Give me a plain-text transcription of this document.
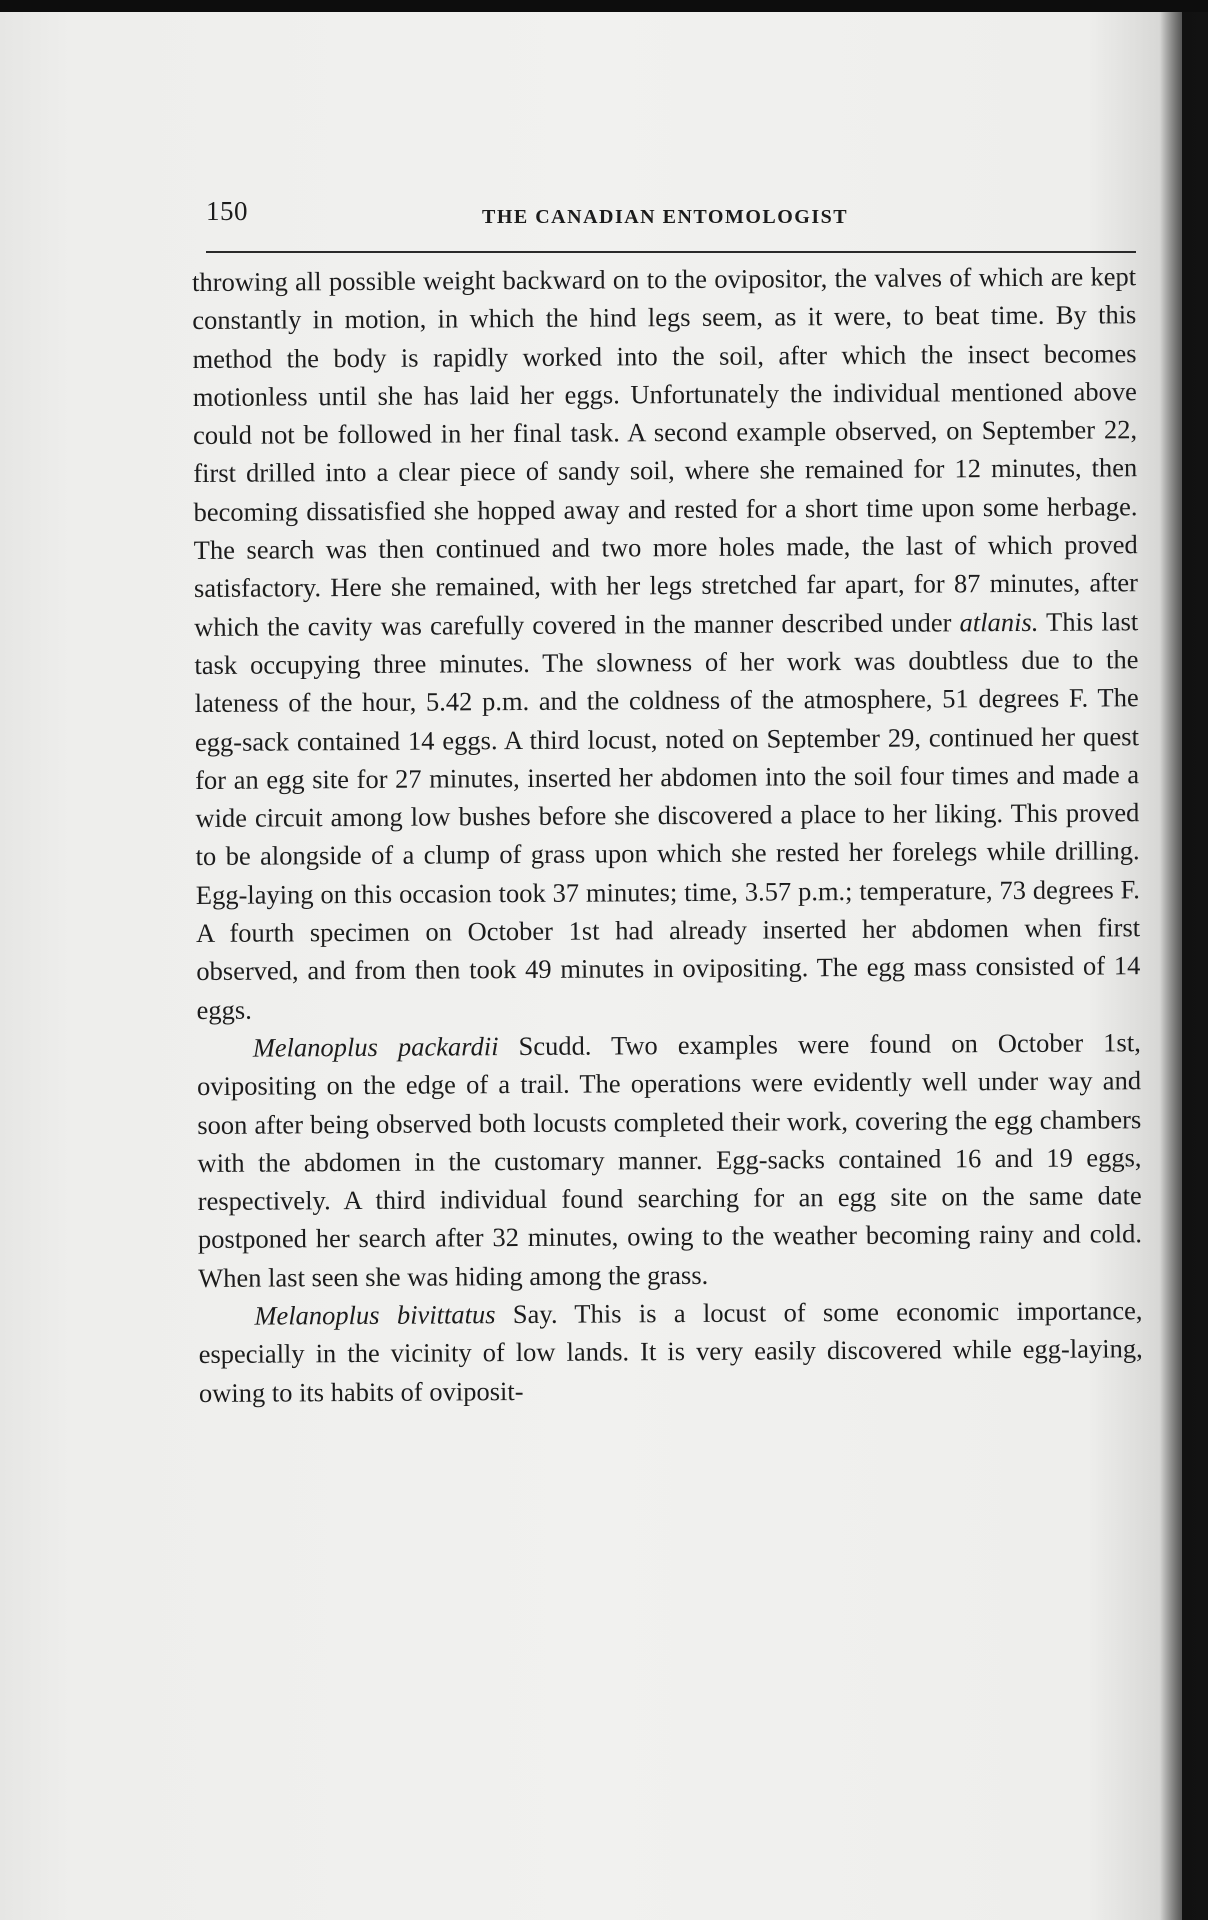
150	THE CANADIAN ENTOMOLOGIST

throwing all possible weight backward on to the ovipositor, the valves of which are kept constantly in motion, in which the hind legs seem, as it were, to beat time. By this method the body is rapidly worked into the soil, after which the insect becomes motionless until she has laid her eggs. Unfortunately the individual mentioned above could not be followed in her final task. A second example observed, on September 22, first drilled into a clear piece of sandy soil, where she remained for 12 minutes, then becoming dissatisfied she hopped away and rested for a short time upon some herbage. The search was then continued and two more holes made, the last of which proved satisfactory. Here she remained, with her legs stretched far apart, for 87 minutes, after which the cavity was carefully covered in the manner described under atlanis. This last task occupying three minutes. The slowness of her work was doubtless due to the lateness of the hour, 5.42 p.m. and the coldness of the atmosphere, 51 degrees F. The egg-sack contained 14 eggs. A third locust, noted on September 29, continued her quest for an egg site for 27 minutes, inserted her abdomen into the soil four times and made a wide circuit among low bushes before she discovered a place to her liking. This proved to be alongside of a clump of grass upon which she rested her forelegs while drilling. Egg-laying on this occasion took 37 minutes; time, 3.57 p.m.; temperature, 73 degrees F. A fourth specimen on October 1st had already inserted her abdomen when first observed, and from then took 49 minutes in ovipositing. The egg mass consisted of 14 eggs.

Melanoplus packardii Scudd. Two examples were found on October 1st, ovipositing on the edge of a trail. The operations were evidently well under way and soon after being observed both locusts completed their work, covering the egg chambers with the abdomen in the customary manner. Egg-sacks contained 16 and 19 eggs, respectively. A third individual found searching for an egg site on the same date postponed her search after 32 minutes, owing to the weather becoming rainy and cold. When last seen she was hiding among the grass.

Melanoplus bivittatus Say. This is a locust of some economic importance, especially in the vicinity of low lands. It is very easily discovered while egg-laying, owing to its habits of oviposit-
